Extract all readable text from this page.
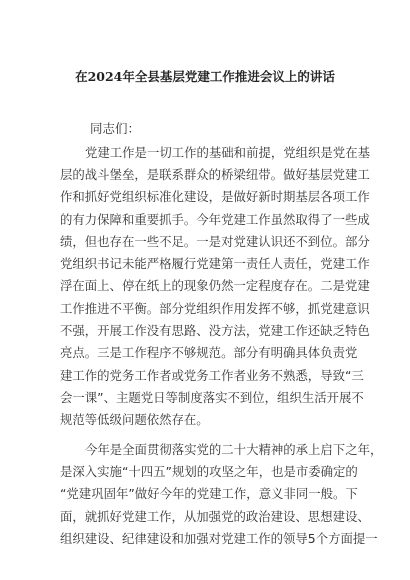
在2024年全县基层党建工作推进会议上的讲话
同志们：
党建工作是一切工作的基础和前提，党组织是党在基
层的战斗堡垒，是联系群众的桥梁纽带。做好基层党建工
作和抓好党组织标准化建设，是做好新时期基层各项工作
的有力保障和重要抓手。今年党建工作虽然取得了一些成
绩，但也存在一些不足。一是对党建认识还不到位。部分
党组织书记未能严格履行党建第一责任人责任，党建工作
浮在面上、停在纸上的现象仍然一定程度存在。二是党建
工作推进不平衡。部分党组织作用发挥不够，抓党建意识
不强，开展工作没有思路、没方法，党建工作还缺乏特色
亮点。三是工作程序不够规范。部分有明确具体负责党
建工作的党务工作者或党务工作者业务不熟悉，导致“三
会一课”、主题党日等制度落实不到位，组织生活开展不
规范等低级问题依然存在。
今年是全面贯彻落实党的二十大精神的承上启下之年，
是深入实施“十四五”规划的攻坚之年，也是市委确定的
“党建巩固年”做好今年的党建工作，意义非同一般。下
面，就抓好党建工作，从加强党的政治建设、思想建设、
组织建设、纪律建设和加强对党建工作的领导5个方面提一
